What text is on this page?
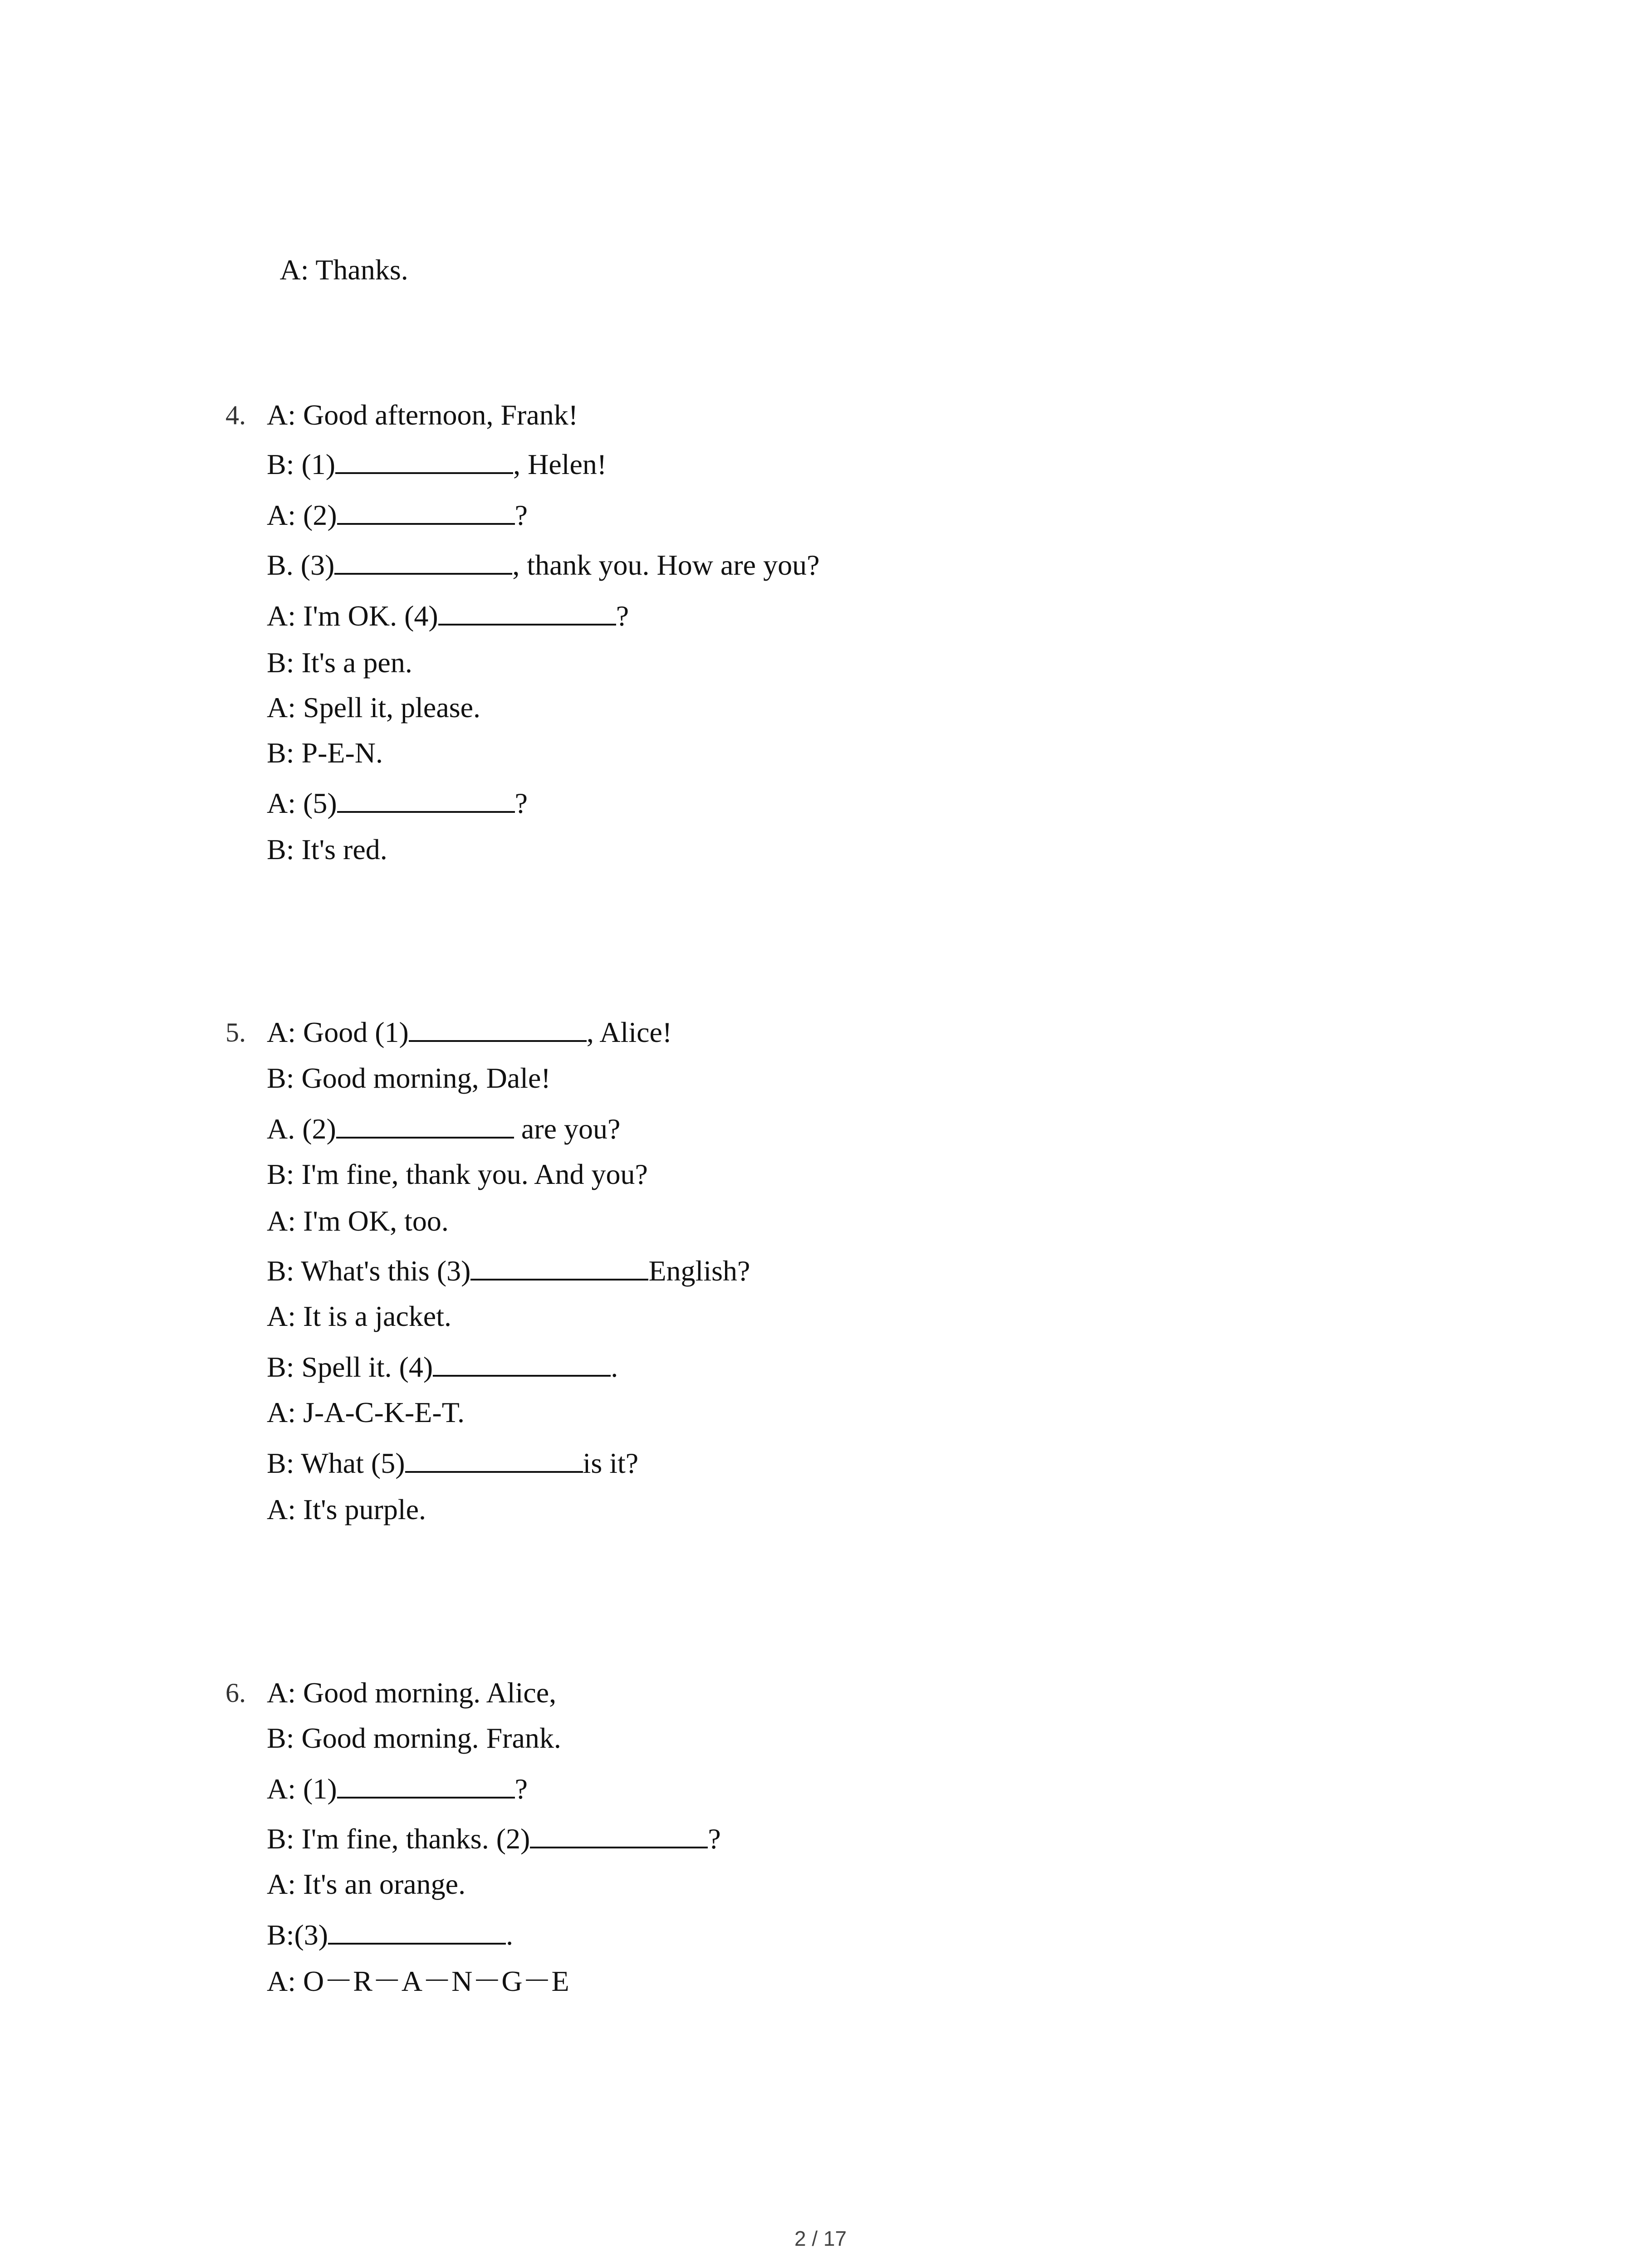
A: Thanks.

4. A: Good afternoon, Frank!
B: (1)	, Helen!
A: (2)	?
B. (3)	, thank you. How are you?
A: I'm OK. (4)	?
B: It's a pen.
A: Spell it, please.
B: P-E-N.
A: (5)	?
B: It's red.
5. A: Good (1)	, Alice!
B: Good morning, Dale!
A. (2)	are you?
B: I'm fine, thank you. And you?
A: I'm OK, too.
B: What's this (3)	English?
A: It is a jacket.
B: Spell it. (4)	.
A: J-A-C-K-E-T.
B: What (5)	is it?
A: It's purple.
6. A: Good morning. Alice,
B: Good morning. Frank.
A: (1)	?
B: I'm fine, thanks. (2)	?
A: It's an orange.
B:(3)	.
A: O－R－A－N－G－E
2 / 17
